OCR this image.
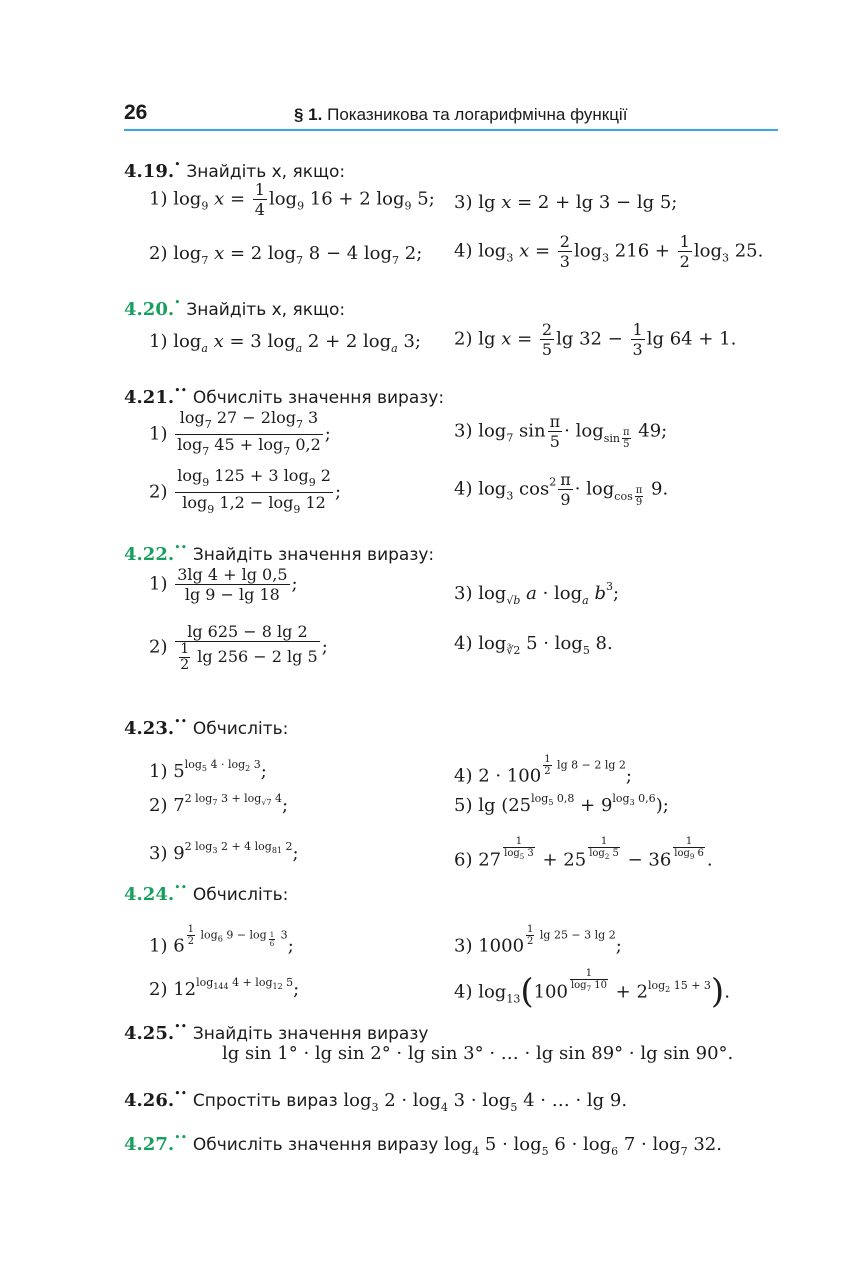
26	§ 1. Показникова та логарифмічна функції
4.19.• Знайдіть x, якщо:
1) $\log_9 x = \frac{1}{4} \log_9 16 + 2$ $\log_9 5$; 3) lg x = 2 + lg 3 − lg 5;
2) $\log_7 x = 2$ $\log_7 8 - 4$ $\log_7 2$; 4) $\log_3 x = \frac{2}{3} \log_3 216 + \frac{1}{2} \log_3 25$.
4.20.• Знайдіть x, якщо:
1) $\log_a x = 3$ $\log_a 2 + 2$ $\log_a 3$; 2) $\lg x = \frac{2}{5}$ $\lg 32 - \frac{1}{3}$ lg 64 + 1.
4.21.•• Обчисліть значення виразу:
$1) \frac{\log_7 27 - 2\log_7 3}{\log_7 45 + \log_7 0,2}$ ;	3) $\log_7 \sin \frac{\pi}{5} \cdot \log_{sin \frac{\pi}{5}} 49$;
$2) \frac{\log_9 125 + 3 \log_9 2}{\log_9 1,2 - \log_9 12}$ ;	4) $\log_3 \cos^2 \frac{\pi}{9} \cdot \log_{cos \frac{\pi}{9}} 9$.
4.22.•• Знайдіть значення виразу:
$1) \frac{3\lg 4 + \lg 0,5}{\lg 9 - \lg 18}$ ;	3) $\log_{√b} a \cdot \log_a b^3$;
$2) \frac{\lg 625 - 8 \lg 2}{\frac{1}{2} \lg 256 - 2 \lg 5}$ ;	4) $\log_{∛2} 5 \cdot \log_5 8$.
4.23.•• Обчисліть:
1) $5^{log_5 4 \cdot log_2 3}$;	4) 2 · 100 $^{\frac{1}{2} lg 8 - 2 lg 2}$;
2) $7^{2 log_7 3 + log_{√7} 4}$;	5) $\lg (25^{log_5 0,8} + 9^{log_3 0,6})$;
3) $9^{2 log_3 2 + 4 log_{81} 2}$;	6) 27 $^{\frac{1}{\log_5 3}}$ + 25 $^{\frac{1}{\log_2 5}}$ − 36 $^{\frac{1}{\log_9 6}}$ .
4.24.•• Обчисліть:
1) 6 $^{\frac{1}{2} log_6 9 - log _{\frac{1}{6}} 3}$;	3) 1000 $^{\frac{1}{2} lg 25 - 3 lg 2}$;
2) $12^{log_{144} 4 + log_{12} 5}$;	4) $\log_{13}(100$ $^{\frac{1}{\log_7 10}} + 2^{log_2 15 + 3}$).
4.25.•• Знайдіть значення виразу
lg sin 1° · lg sin 2° · lg sin 3° · … · lg sin 89° · lg sin 90°.
4.26.•• Спростіть вираз $\log_3 2 \cdot \log_4 3 \cdot \log_5 4$ · … · lg 9.
4.27.•• Обчисліть значення виразу $\log_4 5 \cdot \log_5 6 \cdot \log_6 7 \cdot \log_7 32$.
